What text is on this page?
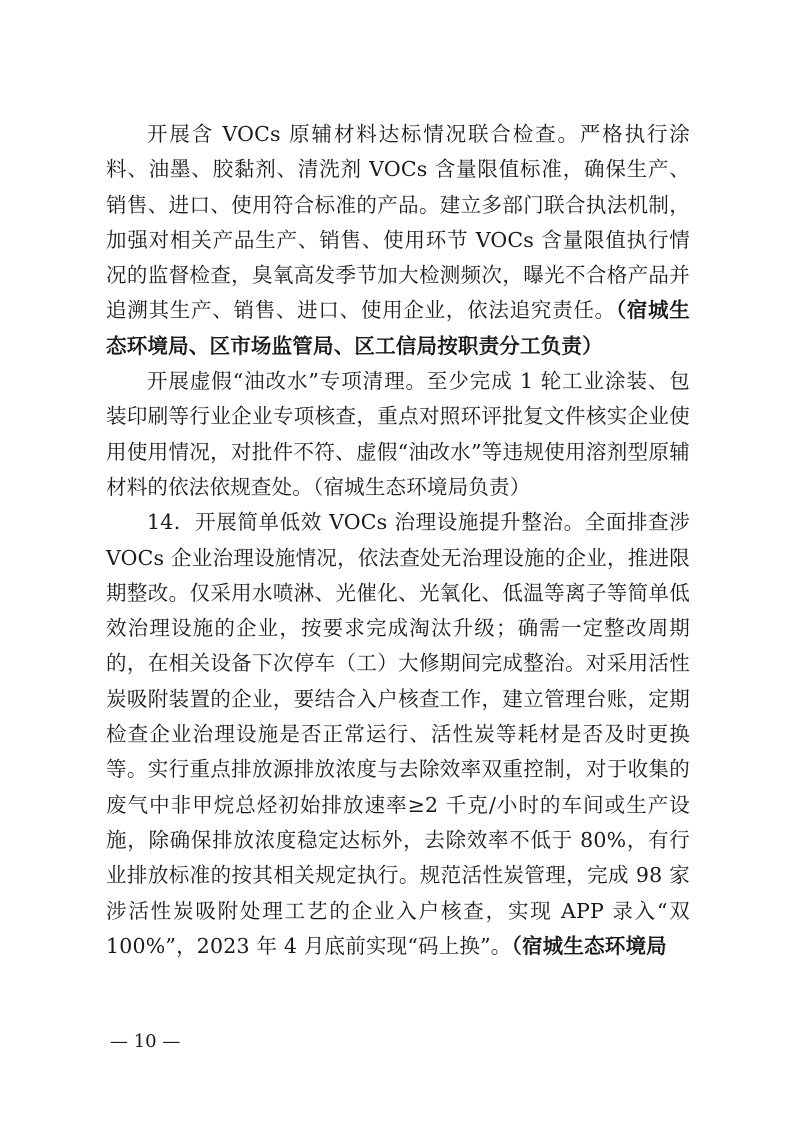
开展含 VOCs 原辅材料达标情况联合检查。严格执行涂料、油墨、胶黏剂、清洗剂 VOCs 含量限值标准，确保生产、销售、进口、使用符合标准的产品。建立多部门联合执法机制，加强对相关产品生产、销售、使用环节 VOCs 含量限值执行情况的监督检查，臭氧高发季节加大检测频次，曝光不合格产品并追溯其生产、销售、进口、使用企业，依法追究责任。（宿城生态环境局、区市场监管局、区工信局按职责分工负责）

开展虚假“油改水”专项清理。至少完成 1 轮工业涂装、包装印刷等行业企业专项核查，重点对照环评批复文件核实企业使用使用情况，对批件不符、虚假“油改水”等违规使用溶剂型原辅材料的依法依规查处。（宿城生态环境局负责）

14．开展简单低效 VOCs 治理设施提升整治。全面排查涉 VOCs 企业治理设施情况，依法查处无治理设施的企业，推进限期整改。仅采用水喷淋、光催化、光氧化、低温等离子等简单低效治理设施的企业，按要求完成淘汰升级；确需一定整改周期的，在相关设备下次停车（工）大修期间完成整治。对采用活性炭吸附装置的企业，要结合入户核查工作，建立管理台账，定期检查企业治理设施是否正常运行、活性炭等耗材是否及时更换等。实行重点排放源排放浓度与去除效率双重控制，对于收集的废气中非甲烷总烃初始排放速率≥2 千克/小时的车间或生产设施，除确保排放浓度稳定达标外，去除效率不低于 80%，有行业排放标准的按其相关规定执行。规范活性炭管理，完成 98 家涉活性炭吸附处理工艺的企业入户核查，实现 APP 录入“双 100%”，2023 年 4 月底前实现“码上换”。（宿城生态环境局

— 10 —
